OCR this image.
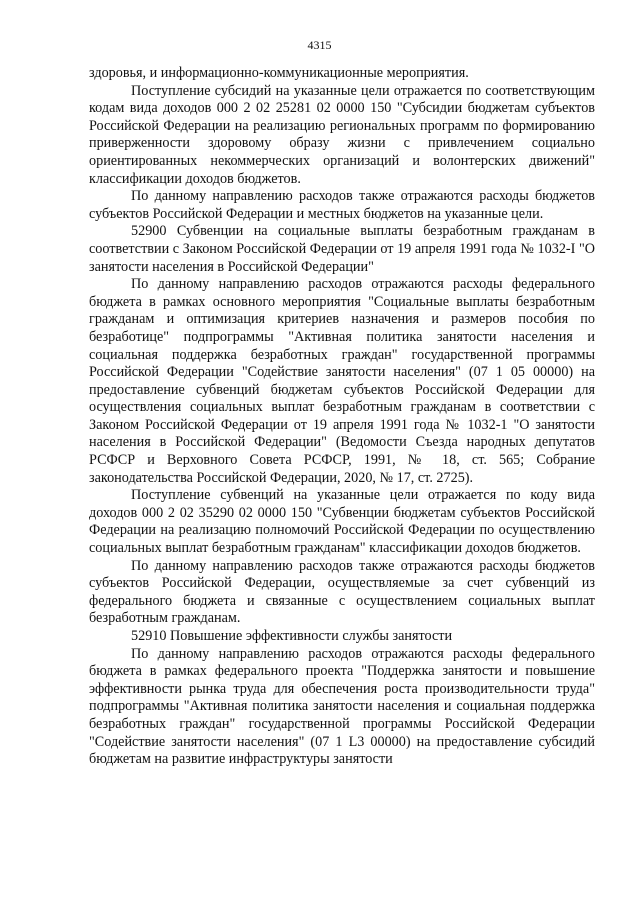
4315

здоровья, и информационно-коммуникационные мероприятия.

Поступление субсидий на указанные цели отражается по соответствующим кодам вида доходов 000 2 02 25281 02 0000 150 "Субсидии бюджетам субъектов Российской Федерации на реализацию региональных программ по формированию приверженности здоровому образу жизни с привлечением социально ориентированных некоммерческих организаций и волонтерских движений" классификации доходов бюджетов.

По данному направлению расходов также отражаются расходы бюджетов субъектов Российской Федерации и местных бюджетов на указанные цели.

52900 Субвенции на социальные выплаты безработным гражданам в соответствии с Законом Российской Федерации от 19 апреля 1991 года № 1032-I "О занятости населения в Российской Федерации"

По данному направлению расходов отражаются расходы федерального бюджета в рамках основного мероприятия "Социальные выплаты безработным гражданам и оптимизация критериев назначения и размеров пособия по безработице" подпрограммы "Активная политика занятости населения и социальная поддержка безработных граждан" государственной программы Российской Федерации "Содействие занятости населения" (07 1 05 00000) на предоставление субвенций бюджетам субъектов Российской Федерации для осуществления социальных выплат безработным гражданам в соответствии с Законом Российской Федерации от 19 апреля 1991 года № 1032-1 "О занятости населения в Российской Федерации" (Ведомости Съезда народных депутатов РСФСР и Верховного Совета РСФСР, 1991, № 18, ст. 565; Собрание законодательства Российской Федерации, 2020, № 17, ст. 2725).

Поступление субвенций на указанные цели отражается по коду вида доходов 000 2 02 35290 02 0000 150 "Субвенции бюджетам субъектов Российской Федерации на реализацию полномочий Российской Федерации по осуществлению социальных выплат безработным гражданам" классификации доходов бюджетов.

По данному направлению расходов также отражаются расходы бюджетов субъектов Российской Федерации, осуществляемые за счет субвенций из федерального бюджета и связанные с осуществлением социальных выплат безработным гражданам.

52910 Повышение эффективности службы занятости

По данному направлению расходов отражаются расходы федерального бюджета в рамках федерального проекта "Поддержка занятости и повышение эффективности рынка труда для обеспечения роста производительности труда" подпрограммы "Активная политика занятости населения и социальная поддержка безработных граждан" государственной программы Российской Федерации "Содействие занятости населения" (07 1 L3 00000) на предоставление субсидий бюджетам на развитие инфраструктуры занятости
